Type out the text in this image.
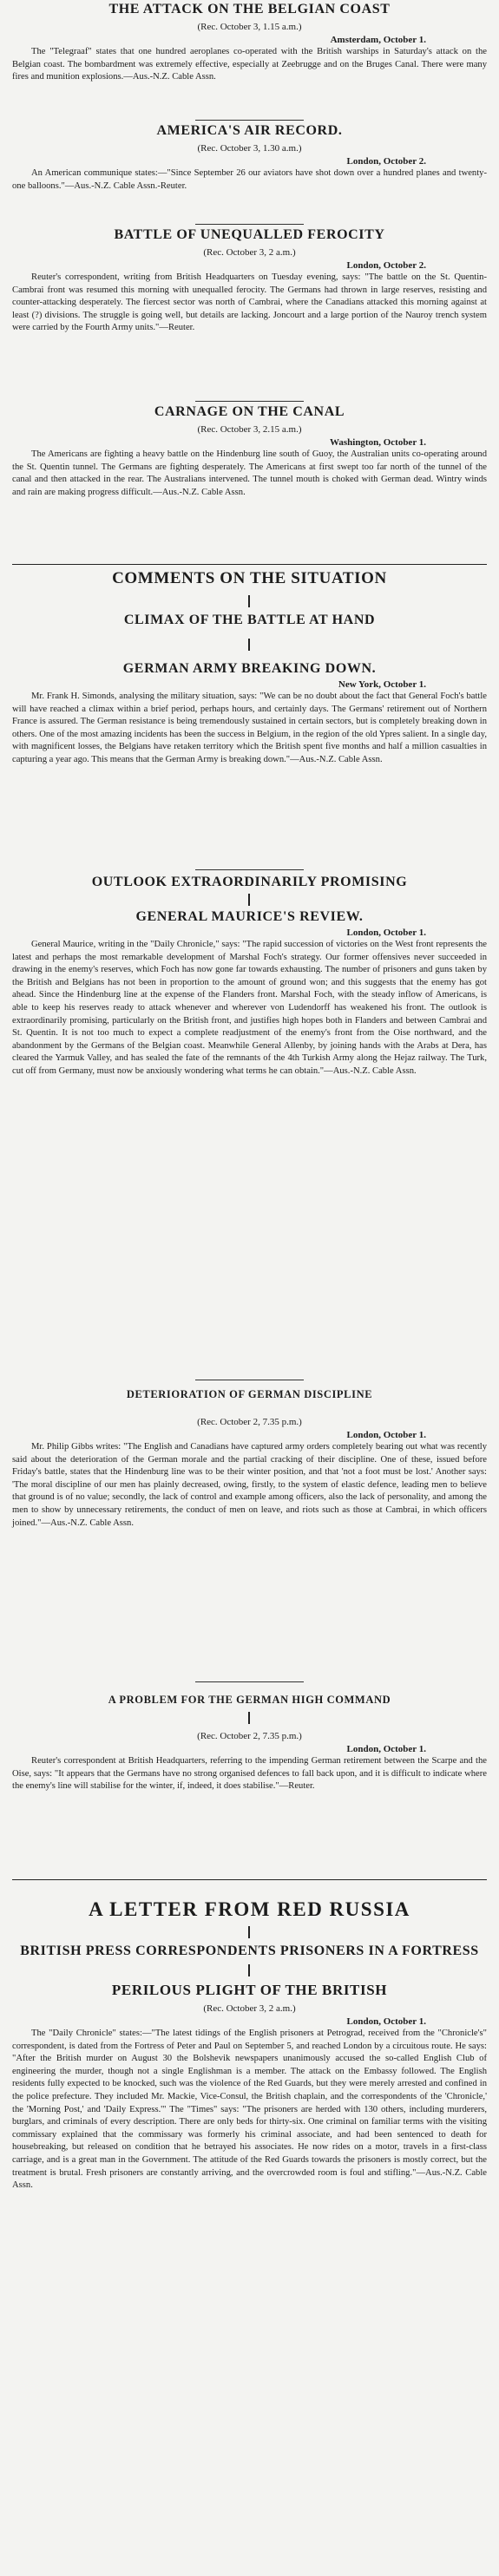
THE ATTACK ON THE BELGIAN COAST
(Rec. October 3, 1.15 a.m.)
Amsterdam, October 1.
The "Telegraaf" states that one hundred aeroplanes co-operated with the British warships in Saturday's attack on the Belgian coast. The bombardment was extremely effective, especially at Zeebrugge and on the Bruges Canal. There were many fires and munition explosions.—Aus.-N.Z. Cable Assn.
AMERICA'S AIR RECORD.
(Rec. October 3, 1.30 a.m.)
London, October 2.
An American communique states:—"Since September 26 our aviators have shot down over a hundred planes and twenty-one balloons."—Aus.-N.Z. Cable Assn.-Reuter.
BATTLE OF UNEQUALLED FEROCITY
(Rec. October 3, 2 a.m.)
London, October 2.
Reuter's correspondent, writing from British Headquarters on Tuesday evening, says: "The battle on the St. Quentin-Cambrai front was resumed this morning with unequalled ferocity. The Germans had thrown in large reserves, resisting and counter-attacking desperately. The fiercest sector was north of Cambrai, where the Canadians attacked this morning against at least (?) divisions. The struggle is going well, but details are lacking. Joncourt and a large portion of the Nauroy trench system were carried by the Fourth Army units."—Reuter.
CARNAGE ON THE CANAL
(Rec. October 3, 2.15 a.m.)
Washington, October 1.
The Americans are fighting a heavy battle on the Hindenburg line south of Guoy, the Australian units co-operating around the St. Quentin tunnel. The Germans are fighting desperately. The Americans at first swept too far north of the tunnel of the canal and then attacked in the rear. The Australians intervened. The tunnel mouth is choked with German dead. Wintry winds and rain are making progress difficult.—Aus.-N.Z. Cable Assn.
COMMENTS ON THE SITUATION
CLIMAX OF THE BATTLE AT HAND
GERMAN ARMY BREAKING DOWN.
New York, October 1.
Mr. Frank H. Simonds, analysing the military situation, says: "We can be no doubt about the fact that General Foch's battle will have reached a climax within a brief period, perhaps hours, and certainly days. The Germans' retirement out of Northern France is assured. The German resistance is being tremendously sustained in certain sectors, but is completely breaking down in others. One of the most amazing incidents has been the success in Belgium, in the region of the old Ypres salient. In a single day, with magnificent losses, the Belgians have retaken territory which the British spent five months and half a million casualties in capturing a year ago. This means that the German Army is breaking down."—Aus.-N.Z. Cable Assn.
OUTLOOK EXTRAORDINARILY PROMISING
GENERAL MAURICE'S REVIEW.
London, October 1.
General Maurice, writing in the "Daily Chronicle," says: "The rapid succession of victories on the West front represents the latest and perhaps the most remarkable development of Marshal Foch's strategy. Our former offensives never succeeded in drawing in the enemy's reserves, which Foch has now gone far towards exhausting. The number of prisoners and guns taken by the British and Belgians has not been in proportion to the amount of ground won; and this suggests that the enemy has got ahead. Since the Hindenburg line at the expense of the Flanders front. Marshal Foch, with the steady inflow of Americans, is able to keep his reserves ready to attack whenever and wherever von Ludendorff has weakened his front. The outlook is extraordinarily promising, particularly on the British front, and justifies high hopes both in Flanders and between Cambrai and St. Quentin. It is not too much to expect a complete readjustment of the enemy's front from the Oise northward, and the abandonment by the Germans of the Belgian coast. Meanwhile General Allenby, by joining hands with the Arabs at Dera, has cleared the Yarmuk Valley, and has sealed the fate of the remnants of the 4th Turkish Army along the Hejaz railway. The Turk, cut off from Germany, must now be anxiously wondering what terms he can obtain."—Aus.-N.Z. Cable Assn.
DETERIORATION OF GERMAN DISCIPLINE
(Rec. October 2, 7.35 p.m.)
London, October 1.
Mr. Philip Gibbs writes: "The English and Canadians have captured army orders completely bearing out what was recently said about the deterioration of the German morale and the partial cracking of their discipline. One of these, issued before Friday's battle, states that the Hindenburg line was to be their winter position, and that 'not a foot must be lost.' Another says: 'The moral discipline of our men has plainly decreased, owing, firstly, to the system of elastic defence, leading men to believe that ground is of no value; secondly, the lack of control and example among officers, also the lack of personality, and among the men to show by unnecessary retirements, the conduct of men on leave, and riots such as those at Cambrai, in which officers joined."—Aus.-N.Z. Cable Assn.
A PROBLEM FOR THE GERMAN HIGH COMMAND
(Rec. October 2, 7.35 p.m.)
London, October 1.
Reuter's correspondent at British Headquarters, referring to the impending German retirement between the Scarpe and the Oise, says: "It appears that the Germans have no strong organised defences to fall back upon, and it is difficult to indicate where the enemy's line will stabilise for the winter, if, indeed, it does stabilise."—Reuter.
A LETTER FROM RED RUSSIA
BRITISH PRESS CORRESPONDENTS PRISONERS IN A FORTRESS
PERILOUS PLIGHT OF THE BRITISH
(Rec. October 3, 2 a.m.)
London, October 1.
The "Daily Chronicle" states:—"The latest tidings of the English prisoners at Petrograd, received from the "Chronicle's" correspondent, is dated from the Fortress of Peter and Paul on September 5, and reached London by a circuitous route. He says: "After the British murder on August 30 the Bolshevik newspapers unanimously accused the so-called English Club of engineering the murder, though not a single Englishman is a member. The attack on the Embassy followed. The English residents fully expected to be knocked, such was the violence of the Red Guards, but they were merely arrested and confined in the police prefecture. They included Mr. Mackie, Vice-Consul, the British chaplain, and the correspondents of the 'Chronicle,' the 'Morning Post,' and 'Daily Express.'" The "Times" says: "The prisoners are herded with 130 others, including murderers, burglars, and criminals of every description. There are only beds for thirty-six. One criminal on familiar terms with the visiting commissary explained that the commissary was formerly his criminal associate, and had been sentenced to death for housebreaking, but released on condition that he betrayed his associates. He now rides on a motor, travels in a first-class carriage, and is a great man in the Government. The attitude of the Red Guards towards the prisoners is mostly correct, but the treatment is brutal. Fresh prisoners are constantly arriving, and the overcrowded room is foul and stifling."—Aus.-N.Z. Cable Assn.
